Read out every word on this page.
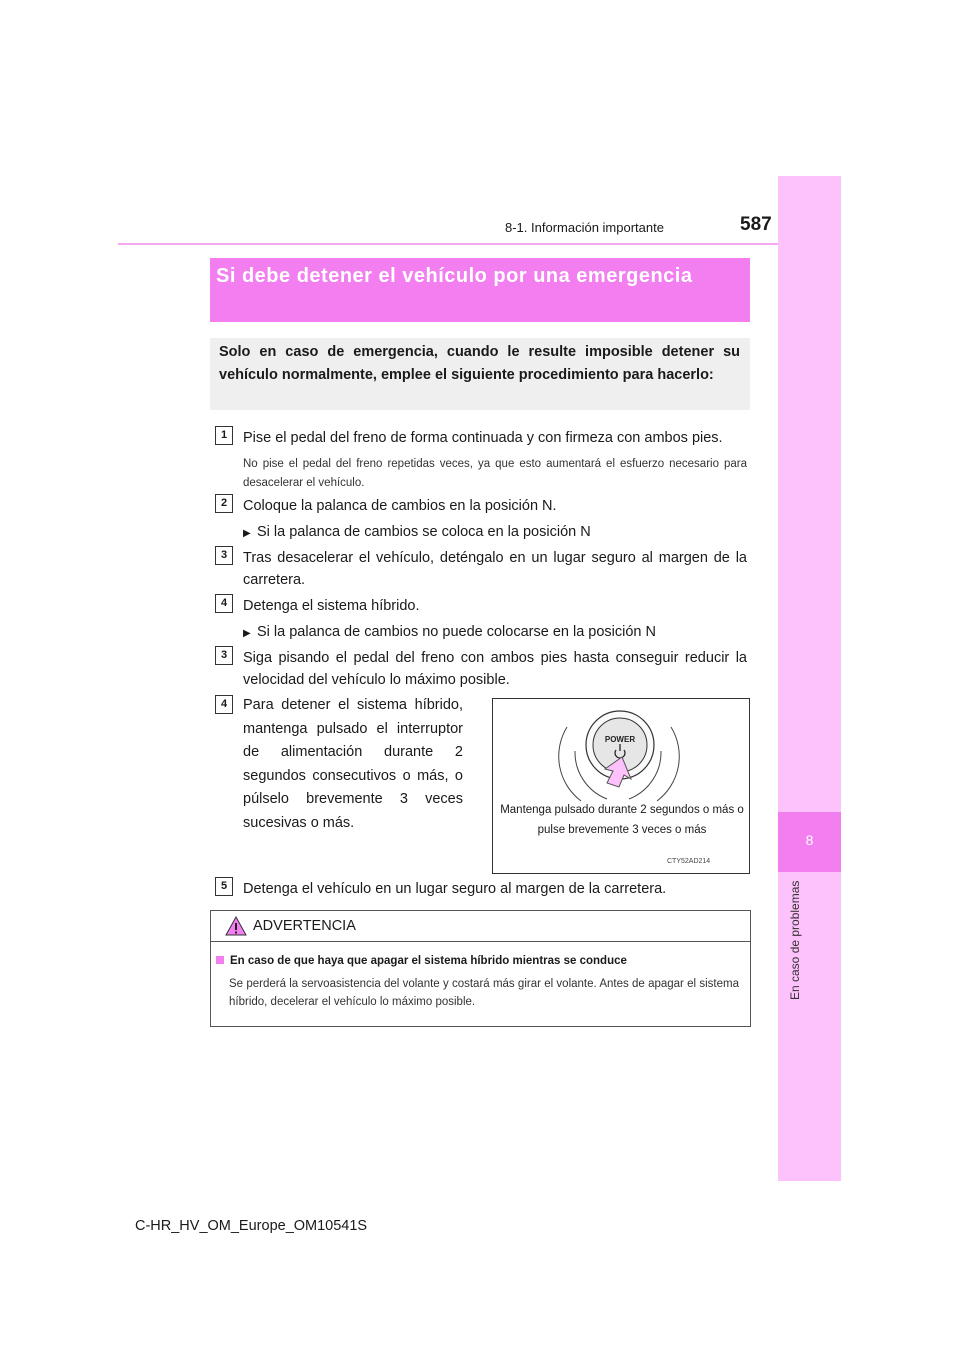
8-1. Información importante	587
8
En caso de problemas
Si debe detener el vehículo por una emergencia
Solo en caso de emergencia, cuando le resulte imposible detener su vehículo normalmente, emplee el siguiente procedimiento para hacerlo:
1	Pise el pedal del freno de forma continuada y con firmeza con ambos pies.
No pise el pedal del freno repetidas veces, ya que esto aumentará el esfuerzo necesario para desacelerar el vehículo.
2	Coloque la palanca de cambios en la posición N.
▶ Si la palanca de cambios se coloca en la posición N
3	Tras desacelerar el vehículo, deténgalo en un lugar seguro al margen de la carretera.
4	Detenga el sistema híbrido.
▶ Si la palanca de cambios no puede colocarse en la posición N
3	Siga pisando el pedal del freno con ambos pies hasta conseguir reducir la velocidad del vehículo lo máximo posible.
4	Para detener el sistema híbrido, mantenga pulsado el interruptor de alimentación durante 2 segundos consecutivos o más, o púlselo brevemente 3 veces sucesivas o más.
POWER
Mantenga pulsado durante 2 segundos o más o pulse brevemente 3 veces o más
CTY52AD214
5	Detenga el vehículo en un lugar seguro al margen de la carretera.
ADVERTENCIA
En caso de que haya que apagar el sistema híbrido mientras se conduce
Se perderá la servoasistencia del volante y costará más girar el volante. Antes de apagar el sistema híbrido, decelerar el vehículo lo máximo posible.
C-HR_HV_OM_Europe_OM10541S
